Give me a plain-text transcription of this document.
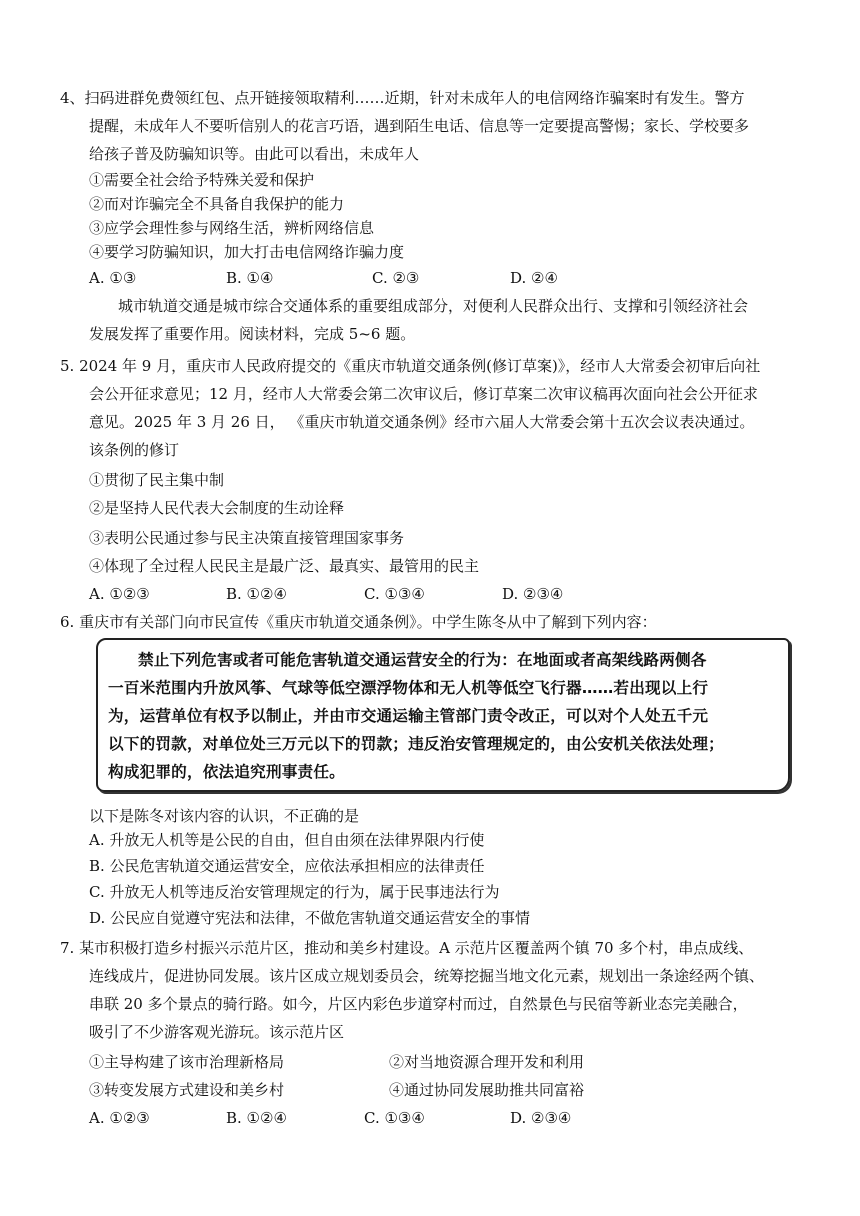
4、扫码进群免费领红包、点开链接领取精利……近期，针对未成年人的电信网络诈骗案时有发生。警方
提醒，未成年人不要听信别人的花言巧语，遇到陌生电话、信息等一定要提高警惕；家长、学校要多
给孩子普及防骗知识等。由此可以看出，未成年人
①需要全社会给予特殊关爱和保护
②而对诈骗完全不具备自我保护的能力
③应学会理性参与网络生活，辨析网络信息
④要学习防骗知识，加大打击电信网络诈骗力度
A. ①③	B. ①④	C. ②③	D. ②④
城市轨道交通是城市综合交通体系的重要组成部分，对便利人民群众出行、支撑和引领经济社会
发展发挥了重要作用。阅读材料，完成 5~6 题。
5. 2024 年 9 月，重庆市人民政府提交的《重庆市轨道交通条例(修订草案)》，经市人大常委会初审后向社
会公开征求意见；12 月，经市人大常委会第二次审议后，修订草案二次审议稿再次面向社会公开征求
意见。2025 年 3 月 26 日， 《重庆市轨道交通条例》经市六届人大常委会第十五次会议表决通过。
该条例的修订
①贯彻了民主集中制
②是坚持人民代表大会制度的生动诠释
③表明公民通过参与民主决策直接管理国家事务
④体现了全过程人民民主是最广泛、最真实、最管用的民主
A. ①②③	B. ①②④	C. ①③④	D. ②③④
6. 重庆市有关部门向市民宣传《重庆市轨道交通条例》。中学生陈冬从中了解到下列内容：
禁止下列危害或者可能危害轨道交通运营安全的行为：在地面或者高架线路两侧各
一百米范围内升放风筝、气球等低空漂浮物体和无人机等低空飞行器……若出现以上行
为，运营单位有权予以制止，并由市交通运输主管部门责令改正，可以对个人处五千元
以下的罚款，对单位处三万元以下的罚款；违反治安管理规定的，由公安机关依法处理；
构成犯罪的，依法追究刑事责任。
以下是陈冬对该内容的认识，不正确的是
A. 升放无人机等是公民的自由，但自由须在法律界限内行使
B. 公民危害轨道交通运营安全，应依法承担相应的法律责任
C. 升放无人机等违反治安管理规定的行为，属于民事违法行为
D. 公民应自觉遵守宪法和法律，不做危害轨道交通运营安全的事情
7. 某市积极打造乡村振兴示范片区，推动和美乡村建设。A 示范片区覆盖两个镇 70 多个村，串点成线、
连线成片，促进协同发展。该片区成立规划委员会，统筹挖掘当地文化元素，规划出一条途经两个镇、
串联 20 多个景点的骑行路。如今，片区内彩色步道穿村而过，自然景色与民宿等新业态完美融合，
吸引了不少游客观光游玩。该示范片区
①主导构建了该市治理新格局	②对当地资源合理开发和利用
③转变发展方式建设和美乡村	④通过协同发展助推共同富裕
A. ①②③	B. ①②④	C. ①③④	D. ②③④
